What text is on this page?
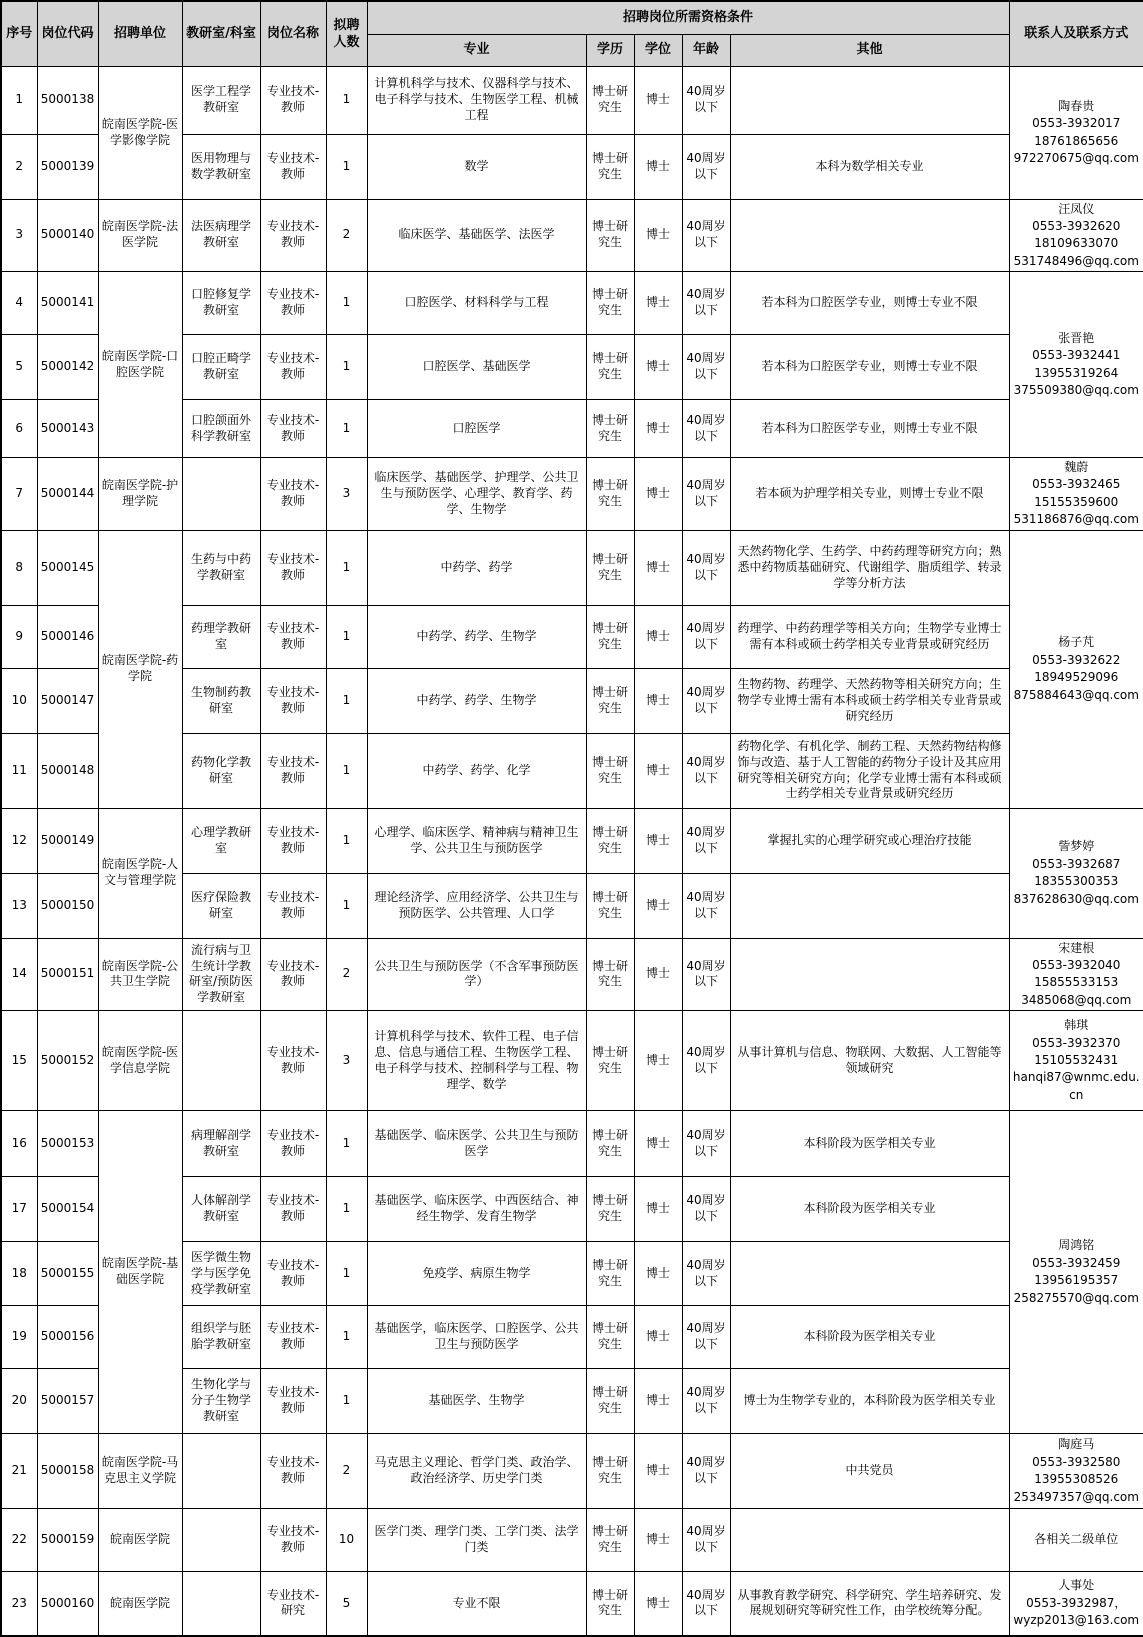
序号	岗位代码	招聘单位	教研室/科室	岗位名称	拟聘人数	招聘岗位所需资格条件					联系人及联系方式
						专业	学历	学位	年龄	其他	
1	5000138	皖南医学院-医学影像学院	医学工程学教研室	专业技术-教师	1	计算机科学与技术、仪器科学与技术、电子科学与技术、生物医学工程、机械工程	博士研究生	博士	40周岁以下		陶春贵
0553-3932017
18761865656
972270675@qq.com

2	5000139		医用物理与数学教研室	专业技术-教师	1	数学	博士研究生	博士	40周岁以下	本科为数学相关专业	
3	5000140	皖南医学院-法医学院	法医病理学教研室	专业技术-教师	2	临床医学、基础医学、法医学	博士研究生	博士	40周岁以下		汪凤仪
0553-3932620
18109633070
531748496@qq.com

4	5000141	皖南医学院-口腔医学院	口腔修复学教研室	专业技术-教师	1	口腔医学、材料科学与工程	博士研究生	博士	40周岁以下	若本科为口腔医学专业，则博士专业不限	张晋艳
0553-3932441
13955319264
375509380@qq.com

5	5000142		口腔正畸学教研室	专业技术-教师	1	口腔医学、基础医学	博士研究生	博士	40周岁以下	若本科为口腔医学专业，则博士专业不限	
6	5000143		口腔颌面外科学教研室	专业技术-教师	1	口腔医学	博士研究生	博士	40周岁以下	若本科为口腔医学专业，则博士专业不限	
7	5000144	皖南医学院-护理学院		专业技术-教师	3	临床医学、基础医学、护理学、公共卫生与预防医学、心理学、教育学、药学、生物学	博士研究生	博士	40周岁以下	若本硕为护理学相关专业，则博士专业不限	魏蔚
0553-3932465
15155359600
531186876@qq.com

8	5000145	皖南医学院-药学院	生药与中药学教研室	专业技术-教师	1	中药学、药学	博士研究生	博士	40周岁以下	天然药物化学、生药学、中药药理等研究方向；熟悉中药物质基础研究、代谢组学、脂质组学、转录学等分析方法	杨子芃
0553-3932622
18949529096
875884643@qq.com

9	5000146		药理学教研室	专业技术-教师	1	中药学、药学、生物学	博士研究生	博士	40周岁以下	药理学、中药药理学等相关方向；生物学专业博士需有本科或硕士药学相关专业背景或研究经历	
10	5000147		生物制药教研室	专业技术-教师	1	中药学、药学、生物学	博士研究生	博士	40周岁以下	生物药物、药理学、天然药物等相关研究方向；生物学专业博士需有本科或硕士药学相关专业背景或研究经历	
11	5000148		药物化学教研室	专业技术-教师	1	中药学、药学、化学	博士研究生	博士	40周岁以下	药物化学、有机化学、制药工程、天然药物结构修饰与改造、基于人工智能的药物分子设计及其应用研究等相关研究方向；化学专业博士需有本科或硕士药学相关专业背景或研究经历	
12	5000149	皖南医学院-人文与管理学院	心理学教研室	专业技术-教师	1	心理学、临床医学、精神病与精神卫生学、公共卫生与预防医学	博士研究生	博士	40周岁以下	掌握扎实的心理学研究或心理治疗技能	訾梦婷
0553-3932687
18355300353
837628630@qq.com

13	5000150		医疗保险教研室	专业技术-教师	1	理论经济学、应用经济学、公共卫生与预防医学、公共管理、人口学	博士研究生	博士	40周岁以下		
14	5000151	皖南医学院-公共卫生学院	流行病与卫生统计学教研室/预防医学教研室	专业技术-教师	2	公共卫生与预防医学（不含军事预防医学）	博士研究生	博士	40周岁以下		宋建根
0553-3932040
15855533153
3485068@qq.com

15	5000152	皖南医学院-医学信息学院		专业技术-教师	3	计算机科学与技术、软件工程、电子信息、信息与通信工程、生物医学工程、电子科学与技术、控制科学与工程、物理学、数学	博士研究生	博士	40周岁以下	从事计算机与信息、物联网、大数据、人工智能等领域研究	韩琪
0553-3932370
15105532431
hanqi87@wnmc.edu.cn

16	5000153	皖南医学院-基础医学院	病理解剖学教研室	专业技术-教师	1	基础医学、临床医学、公共卫生与预防医学	博士研究生	博士	40周岁以下	本科阶段为医学相关专业	周鸿铭
0553-3932459
13956195357
258275570@qq.com

17	5000154		人体解剖学教研室	专业技术-教师	1	基础医学、临床医学、中西医结合、神经生物学、发育生物学	博士研究生	博士	40周岁以下	本科阶段为医学相关专业	
18	5000155		医学微生物学与医学免疫学教研室	专业技术-教师	1	免疫学、病原生物学	博士研究生	博士	40周岁以下		
19	5000156		组织学与胚胎学教研室	专业技术-教师	1	基础医学，临床医学、口腔医学、公共卫生与预防医学	博士研究生	博士	40周岁以下	本科阶段为医学相关专业	
20	5000157		生物化学与分子生物学教研室	专业技术-教师	1	基础医学、生物学	博士研究生	博士	40周岁以下	博士为生物学专业的，本科阶段为医学相关专业	
21	5000158	皖南医学院-马克思主义学院		专业技术-教师	2	马克思主义理论、哲学门类、政治学、政治经济学、历史学门类	博士研究生	博士	40周岁以下	中共党员	陶庭马
0553-3932580
13955308526
253497357@qq.com

22	5000159	皖南医学院		专业技术-教师	10	医学门类、理学门类、工学门类、法学门类	博士研究生	博士	40周岁以下		各相关二级单位

23	5000160	皖南医学院		专业技术-研究	5	专业不限	博士研究生	博士	40周岁以下	从事教育教学研究、科学研究、学生培养研究、发展规划研究等研究性工作，由学校统筹分配。	人事处
0553-3932987，
wyzp2013@163.com
